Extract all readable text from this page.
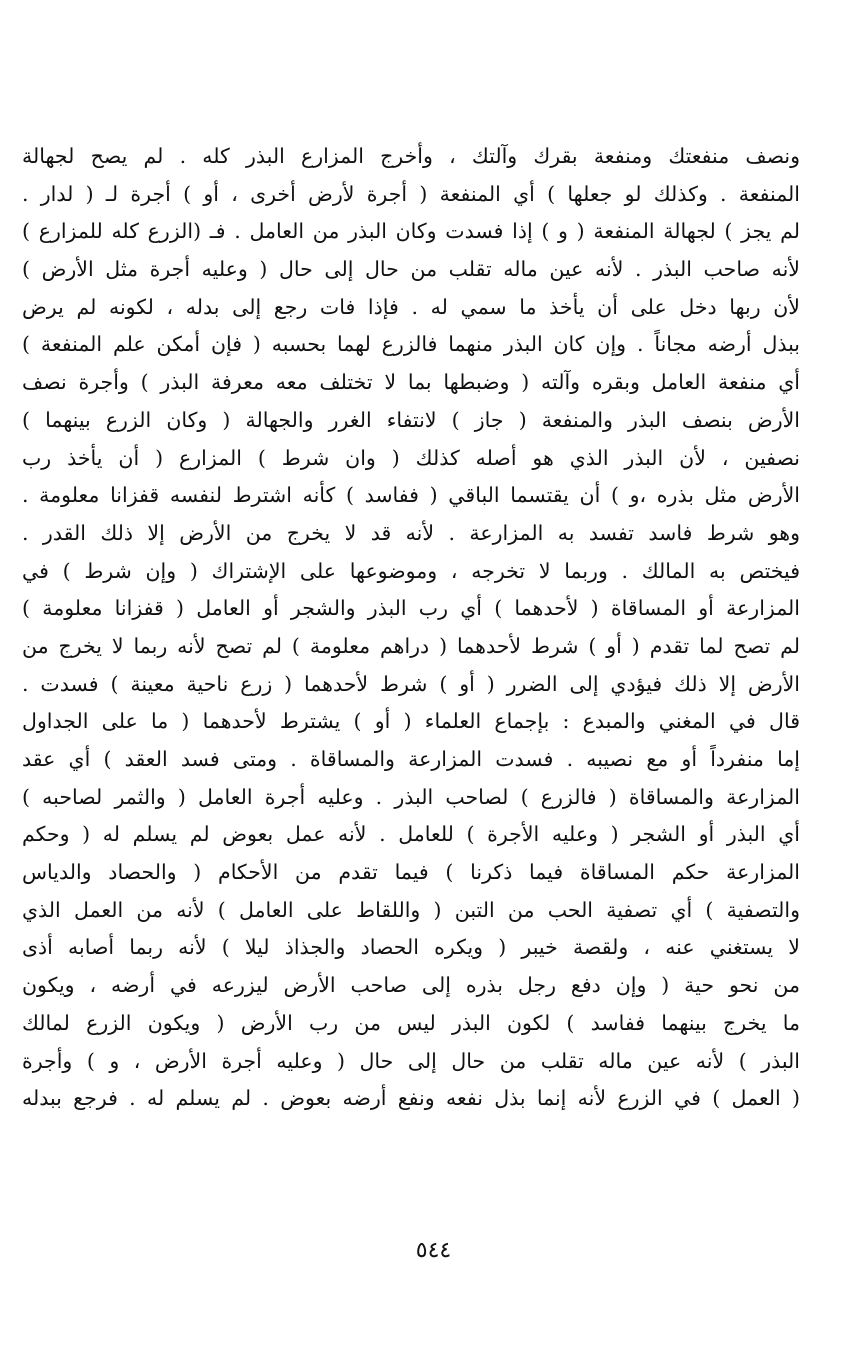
ونصف منفعتك ومنفعة بقرك وآلتك ، وأخرج المزارع البذر كله . لم يصح لجهالة
المنفعة . وكذلك لو جعلها ) أي المنفعة ( أجرة لأرض أخرى ، أو ) أجرة لـ ( لدار .
لم يجز ) لجهالة المنفعة ( و ) إذا فسدت وكان البذر من العامل . فـ (الزرع كله للمزارع )
لأنه صاحب البذر . لأنه عين ماله تقلب من حال إلى حال ( وعليه أجرة مثل الأرض )
لأن ربها دخل على أن يأخذ ما سمي له . فإذا فات رجع إلى بدله ، لكونه لم يرض
ببذل أرضه مجاناً . وإن كان البذر منهما فالزرع لهما بحسبه ( فإن أمكن علم المنفعة )
أي منفعة العامل وبقره وآلته ( وضبطها بما لا تختلف معه معرفة البذر ) وأجرة نصف
الأرض بنصف البذر والمنفعة ( جاز ) لانتفاء الغرر والجهالة ( وكان الزرع بينهما )
نصفين ، لأن البذر الذي هو أصله كذلك ( وان شرط ) المزارع ( أن يأخذ رب
الأرض مثل بذره ،و ) أن يقتسما الباقي ( ففاسد ) كأنه اشترط لنفسه قفزانا معلومة .
وهو شرط فاسد تفسد به المزارعة . لأنه قد لا يخرج من الأرض إلا ذلك القدر .
فيختص به المالك . وربما لا تخرجه ، وموضوعها على الإشتراك ( وإن شرط ) في
المزارعة أو المساقاة ( لأحدهما ) أي رب البذر والشجر أو العامل ( قفزانا معلومة )
لم تصح لما تقدم ( أو ) شرط لأحدهما ( دراهم معلومة ) لم تصح لأنه ربما لا يخرج من
الأرض إلا ذلك فيؤدي إلى الضرر ( أو ) شرط لأحدهما ( زرع ناحية معينة ) فسدت .
قال في المغني والمبدع : بإجماع العلماء ( أو ) يشترط لأحدهما ( ما على الجداول
إما منفرداً أو مع نصيبه . فسدت المزارعة والمساقاة . ومتى فسد العقد ) أي عقد
المزارعة والمساقاة ( فالزرع ) لصاحب البذر . وعليه أجرة العامل ( والثمر لصاحبه )
أي البذر أو الشجر ( وعليه الأجرة ) للعامل . لأنه عمل بعوض لم يسلم له ( وحكم
المزارعة حكم المساقاة فيما ذكرنا ) فيما تقدم من الأحكام ( والحصاد والدياس
والتصفية ) أي تصفية الحب من التبن ( واللقاط على العامل ) لأنه من العمل الذي
لا يستغني عنه ، ولقصة خيبر ( ويكره الحصاد والجذاذ ليلا ) لأنه ربما أصابه أذى
من نحو حية ( وإن دفع رجل بذره إلى صاحب الأرض ليزرعه في أرضه ، ويكون
ما يخرج بينهما ففاسد ) لكون البذر ليس من رب الأرض ( ويكون الزرع لمالك
البذر ) لأنه عين ماله تقلب من حال إلى حال ( وعليه أجرة الأرض ، و ) وأجرة
( العمل ) في الزرع لأنه إنما بذل نفعه ونفع أرضه بعوض . لم يسلم له . فرجع ببدله
٥٤٤
